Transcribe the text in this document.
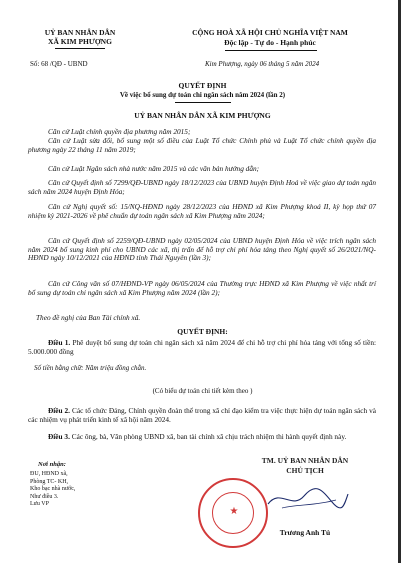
UỶ BAN NHÂN DÂN
XÃ KIM PHƯỢNG
CỘNG HOÀ XÃ HỘI CHỦ NGHĨA VIỆT NAM
Độc lập - Tự do - Hạnh phúc
Số: 68 /QĐ - UBND	Kim Phượng, ngày 06 tháng 5 năm 2024
QUYẾT ĐỊNH
Về việc bổ sung dự toán chi ngân sách năm 2024 (lần 2)
UỶ BAN NHÂN DÂN XÃ KIM PHƯỢNG
Căn cứ Luật chính quyền địa phương năm 2015;
Căn cứ Luật sửa đổi, bổ sung một số điều của Luật Tổ chức Chính phủ và Luật Tổ chức chính quyền địa phương ngày 22 tháng 11 năm 2019;
Căn cứ Luật Ngân sách nhà nước năm 2015 và các văn bản hướng dẫn;
Căn cứ Quyết định số 7299/QĐ-UBND ngày 18/12/2023 của UBND huyện Định Hoá về việc giao dự toán ngân sách năm 2024 huyện Định Hóa;
Căn cứ Nghị quyết số: 15/NQ-HĐND ngày 28/12/2023 của HĐND xã Kim Phượng khoá II, kỳ họp thứ 07 nhiệm kỳ 2021-2026 về phê chuẩn dự toán ngân sách xã Kim Phượng năm 2024;
Căn cứ Quyết định số 2259/QĐ-UBND ngày 02/05/2024 của UBND huyện Định Hóa về việc trích ngân sách năm 2024 bổ sung kinh phí cho UBND các xã, thị trấn để hỗ trợ chi phí hỏa táng theo Nghị quyết số 26/2021/NQ-HĐND ngày 10/12/2021 của HĐND tỉnh Thái Nguyên (lần 3);
Căn cứ Công văn số 07/HĐND-VP ngày 06/05/2024 của Thường trực HĐND xã Kim Phượng về việc nhất trí bổ sung dự toán chi ngân sách xã Kim Phượng năm 2024 (lần 2);
Theo đề nghị của Ban Tài chính xã.
QUYẾT ĐỊNH:
Điều 1. Phê duyệt bổ sung dự toán chi ngân sách xã năm 2024 để chi hỗ trợ chi phí hỏa táng với tổng số tiền: 5.000.000 đồng
Số tiền bằng chữ: Năm triệu đồng chẵn.
(Có biểu dự toán chi tiết kèm theo )
Điều 2. Các tổ chức Đảng, Chính quyền đoàn thể trong xã chỉ đạo kiểm tra việc thực hiện dự toán ngân sách và các nhiệm vụ phát triển kinh tế xã hội năm 2024.
Điều 3. Các ông, bà, Văn phòng UBND xã, ban tài chính xã chịu trách nhiệm thi hành quyết định này.
Nơi nhận:
ĐU, HĐND xã,
Phòng TC- KH,
Kho bạc nhà nước,
Như điều 3.
Lưu VP
★
TM. UỶ BAN NHÂN DÂN
CHỦ TỊCH
Trương Anh Tú
